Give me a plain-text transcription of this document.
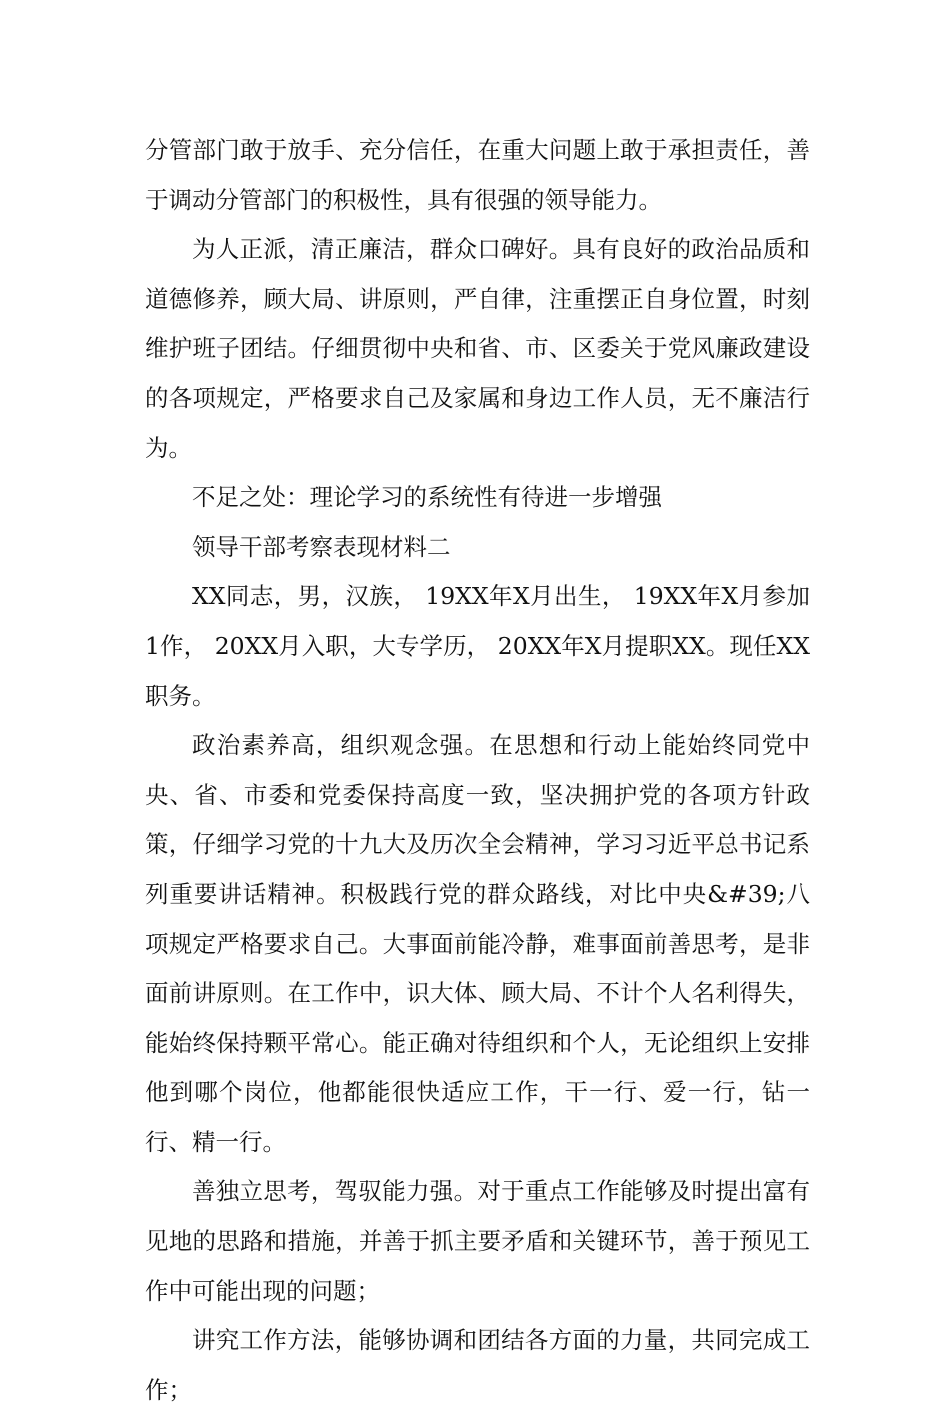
分管部门敢于放手、充分信任，在重大问题上敢于承担责任，善于调动分管部门的积极性，具有很强的领导能力。

为人正派，清正廉洁，群众口碑好。具有良好的政治品质和道德修养，顾大局、讲原则，严自律，注重摆正自身位置，时刻维护班子团结。仔细贯彻中央和省、市、区委关于党风廉政建设的各项规定，严格要求自己及家属和身边工作人员，无不廉洁行为。

不足之处：理论学习的系统性有待进一步增强

领导干部考察表现材料二

XX同志，男，汉族， 19XX年X月出生， 19XX年X月参加1作， 20XX月入职，大专学历， 20XX年X月提职XX。现任XX职务。

政治素养高，组织观念强。在思想和行动上能始终同党中央、省、市委和党委保持高度一致，坚决拥护党的各项方针政策，仔细学习党的十九大及历次全会精神，学习习近平总书记系列重要讲话精神。积极践行党的群众路线，对比中央&#39;八项规定严格要求自己。大事面前能冷静，难事面前善思考，是非面前讲原则。在工作中，识大体、顾大局、不计个人名利得失，能始终保持颗平常心。能正确对待组织和个人，无论组织上安排他到哪个岗位，他都能很快适应工作，干一行、爱一行，钻一行、精一行。

善独立思考，驾驭能力强。对于重点工作能够及时提出富有见地的思路和措施，并善于抓主要矛盾和关键环节，善于预见工作中可能出现的问题；

讲究工作方法，能够协调和团结各方面的力量，共同完成工作；
